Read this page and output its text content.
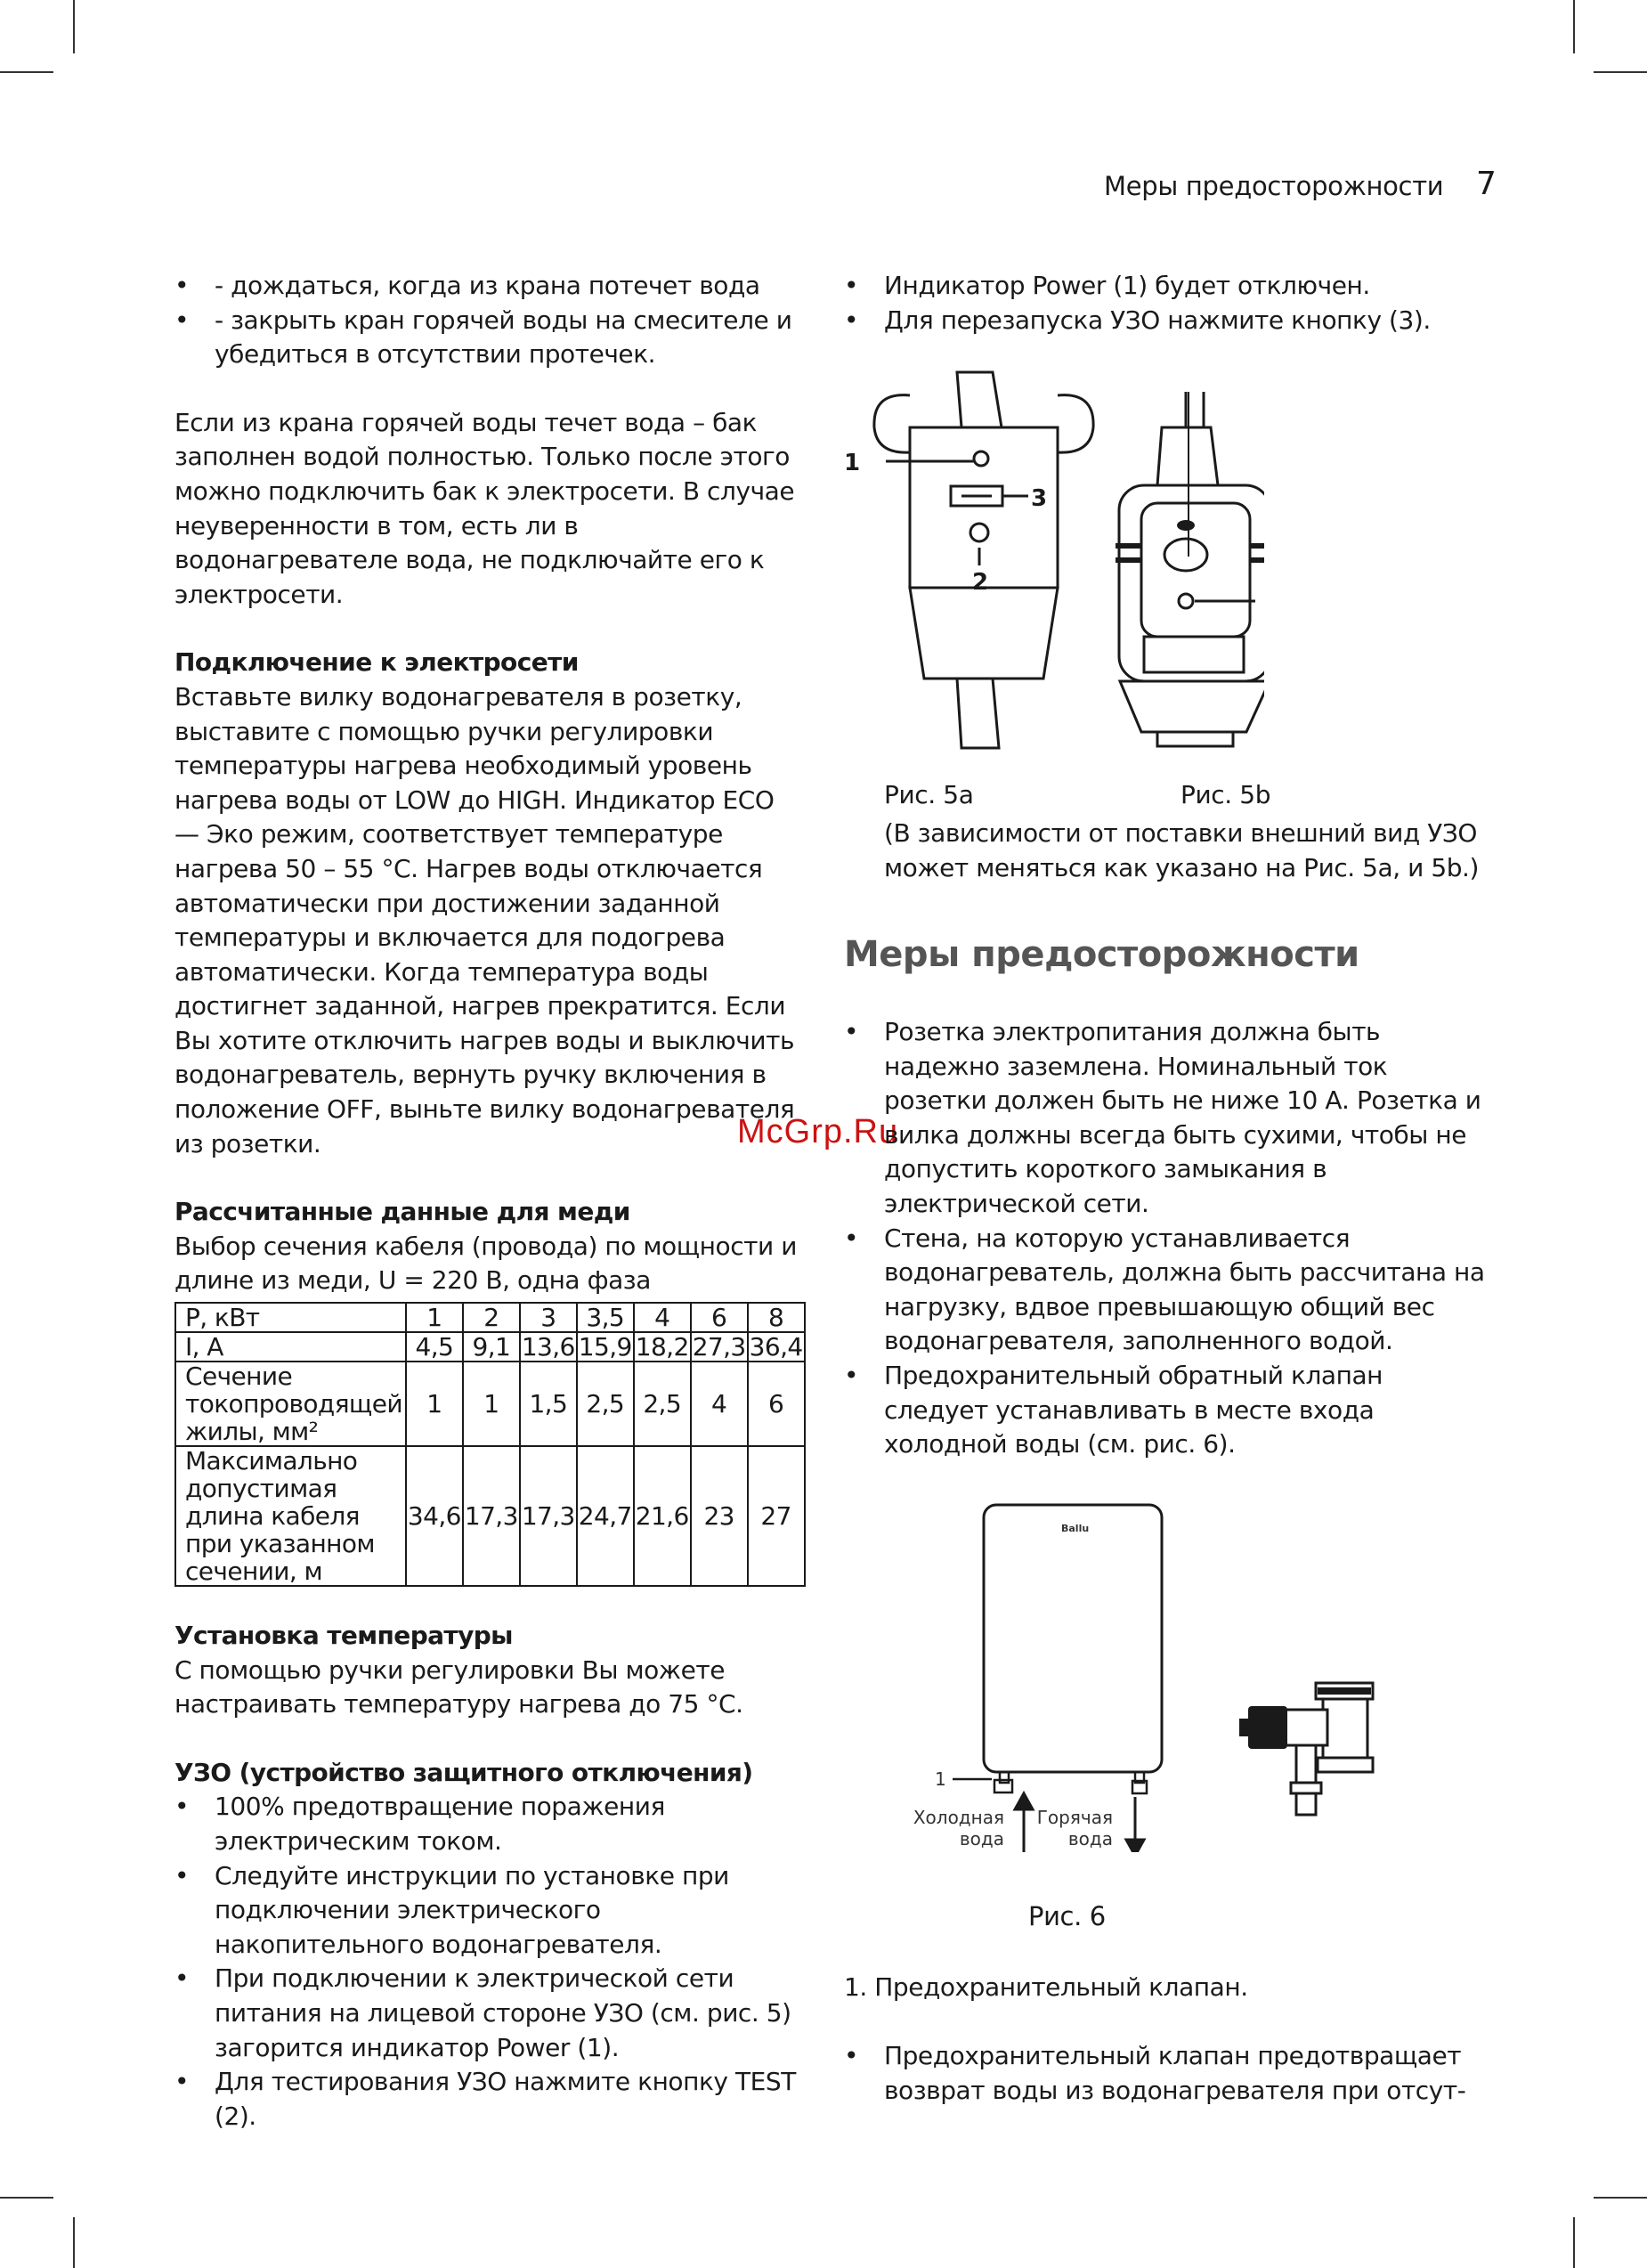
Меры предосторожности 7
• - дождаться, когда из крана потечет вода
• - закрыть кран горячей воды на смесителе и убедиться в отсутствии протечек.

Если из крана горячей воды течет вода – бак заполнен водой полностью. Только после этого можно подключить бак к электросети. В случае неуверенности в том, есть ли в водонагревателе вода, не подключайте его к электросети.

Подключение к электросети

Вставьте вилку водонагревателя в розетку, выставите с помощью ручки регулировки температуры нагрева необходимый уровень нагрева воды от LOW до HIGH. Индикатор ECO — Эко режим, соответствует температуре нагрева 50 – 55 °С. Нагрев воды отключается автоматически при достижении заданной температуры и включается для подогрева автоматически. Когда температура воды достигнет заданной, нагрев прекратится. Если Вы хотите отключить нагрев воды и выключить водонагреватель, вернуть ручку включения в положение OFF, выньте вилку водонагревателя из розетки.

Рассчитанные данные для меди

Выбор сечения кабеля (провода) по мощности и длине из меди, U = 220 В, одна фаза

P, кВт	1	2	3	3,5	4	6	8
I, А	4,5	9,1	13,6	15,9	18,2	27,3	36,4
Сечение токопроводящей жилы, мм²	1	1	1,5	2,5	2,5	4	6
Максимально допустимая длина кабеля при указанном сечении, м	34,6	17,3	17,3	24,7	21,6	23	27

Установка температуры

С помощью ручки регулировки Вы можете настраивать температуру нагрева до 75 °С.

УЗО (устройство защитного отключения)

• 100% предотвращение поражения электрическим током.
• Следуйте инструкции по установке при подключении электрического накопительного водонагревателя.
• При подключении к электрической сети питания на лицевой стороне УЗО (см. рис. 5) загорится индикатор Power (1).
• Для тестирования УЗО нажмите кнопку TEST (2).
• Индикатор Power (1) будет отключен.
• Для перезапуска УЗО нажмите кнопку (3).
1
3
2
Рис. 5a	Рис. 5b
(В зависимости от поставки внешний вид УЗО может меняться как указано на Рис. 5a, и 5b.)
Меры предосторожности
McGrp.Ru
• Розетка электропитания должна быть надежно заземлена. Номинальный ток розетки должен быть не ниже 10 А. Розетка и вилка должны всегда быть сухими, чтобы не допустить короткого замыкания в электрической сети.
• Стена, на которую устанавливается водонагреватель, должна быть рассчитана на нагрузку, вдвое превышающую общий вес водонагревателя, заполненного водой.
• Предохранительный обратный клапан следует устанавливать в месте входа холодной воды (см. рис. 6).
Ballu
1
Холодная
вода
Горячая
вода
Рис. 6
1. Предохранительный клапан.
• Предохранительный клапан предотвращает возврат воды из водонагревателя при отсут-
